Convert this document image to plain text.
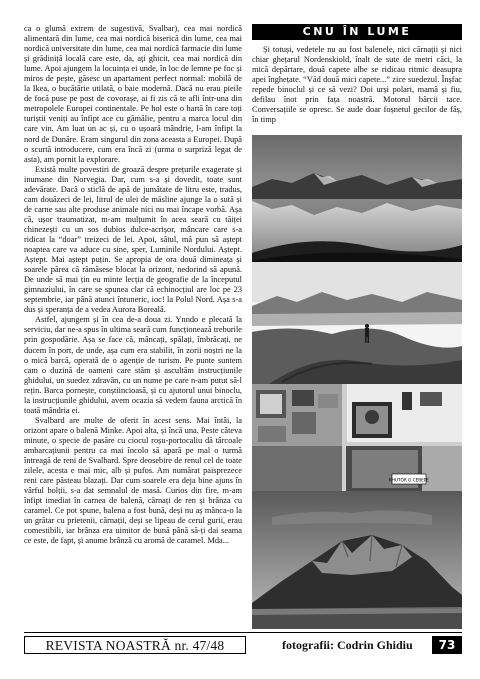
ca o glumă extrem de sugestivă, Svalbar), cea mai nordică alimentară din lume, cea mai nordică biserică din lume, cea mai nordică universitate din lume, cea mai nordică farmacie din lume și grădiniță locală care este, da, ați ghicit, cea mai nordică din lume. Apoi ajungem la locuința ei unde, în loc de lemne pe foc și miros de pește, găsesc un apartament perfect normal: mobilă de la Ikea, o bucătărie utilată, o baie modernă. Dacă nu erau pieile de focă puse pe post de covorașe, ai fi zis că te afli într-una din metropolele Europei continentale. Pe hol este o hartă în care toți turiștii veniți au înfipt ace cu gămălie, pentru a marca locul din care vin. Am luat un ac și, cu o ușoară mândrie, l-am înfipt la nord de Dunăre. Eram singurul din zona aceasta a Europei. După o scurtă introducere, cum era încă zi (urma o surpriză legat de asta), am pornit la explorare.

Există multe povestiri de groază despre prețurile exagerate și inumane din Norvegia. Dar, cum s-a și dovedit, toate sunt adevărate. Dacă o sticlă de apă de jumătate de litru este, tradus, cam douăzeci de lei, litrul de ulei de măsline ajunge la o sută și de carne sau alte produse animale nici nu mai încape vorbă. Așa că, ușor traumatizat, m-am mulțumit în acea seară cu tăiței chinezești cu un sos dubios dulce-acrișor, mâncare care s-a ridicat la “doar” treizeci de lei. Apoi, sătul, mă pun să aștept noaptea care va aduce cu sine, sper, Luminile Nordului. Aștept. Aștept. Mai aștept puțin. Se apropia de ora două dimineața și soarele părea că rămăsese blocat la orizont, nedorind să apună. De unde să mai țin eu minte lecția de geografie de la începutul gimnaziului, în care se spunea clar că echinocțiul are loc pe 23 septembrie, iar până atunci întuneric, ioc! la Polul Nord. Așa s-a dus și speranța de a vedea Aurora Boreală.

Astfel, ajungem și în cea de-a doua zi. Ynndo e plecată la serviciu, dar ne-a spus în ultima seară cum funcționează treburile prin gospodărie. Așa se face că, mâncați, spălați, îmbrăcați, ne ducem în port, de unde, așa cum era stabilit, în zorii noștri ne la o mică barcă, operată de o agenție de turism. Pe punte suntem cam o duzină de oameni care stăm și ascultăm instrucțiunile ghidului, un suedez zdravăn, cu un nume pe care n-am putut să-l rețin. Barca pornește, conștiincioasă, și cu ajutorul unui binoclu, la instrucțiunile ghidului, avem ocazia să vedem fauna arctică în toată mândria ei.

Svalbard are multe de oferit în acest sens. Mai întâi, la orizont apare o balenă Minke. Apoi alta, și încă una. Peste câteva minute, o specie de pasăre cu ciocul roșu-portocaliu dă târcoale ambarcațiunii pentru ca mai încolo să apară pe mal o turmă întreagă de reni de Svalbard. Spre deosebire de renul cel de toate zilele, acesta e mai mic, alb și pufos. Am numărat paisprezece reni care păsteau blazați. Dar cum soarele era deja bine ajuns în vârful bolții, s-a dat semnalul de masă. Curios din fire, m-am înfipt imediat în carnea de balenă, cărnați de ren și brânza cu caramel. Ce pot spune, balena a fost bună, deși nu aș mânca-o la un grătar cu prietenii, cărnații, deși se lipeau de cerul gurii, erau comestibili, iar brânza era uimitor de bună până să-ți dai seama ce este, de fapt, și anume brânză cu aromă de caramel. Mda...

CNU ÎN LUME

Și totuși, vedetele nu au fost balenele, nici cărnații și nici chiar ghețarul Nordenskiold, înalt de sute de metri căci, la mică depărtare, două capete albe se ridicau ritmic deasupra apei înghețate. “Văd două mici capete...” zice suedezul. Înșfac repede binoclul și ce să vezi? Doi urși polari, mamă și fiu, defilau înot prin fața noastră. Motorul bărcii tace. Conversațiile se opresc. Se aude doar foșnetul gecilor de fâș, în timp

KHUTOR O CEBEPE
REVISTA NOASTRĂ nr. 47/48	fotografii: Codrin Ghidiu	73
